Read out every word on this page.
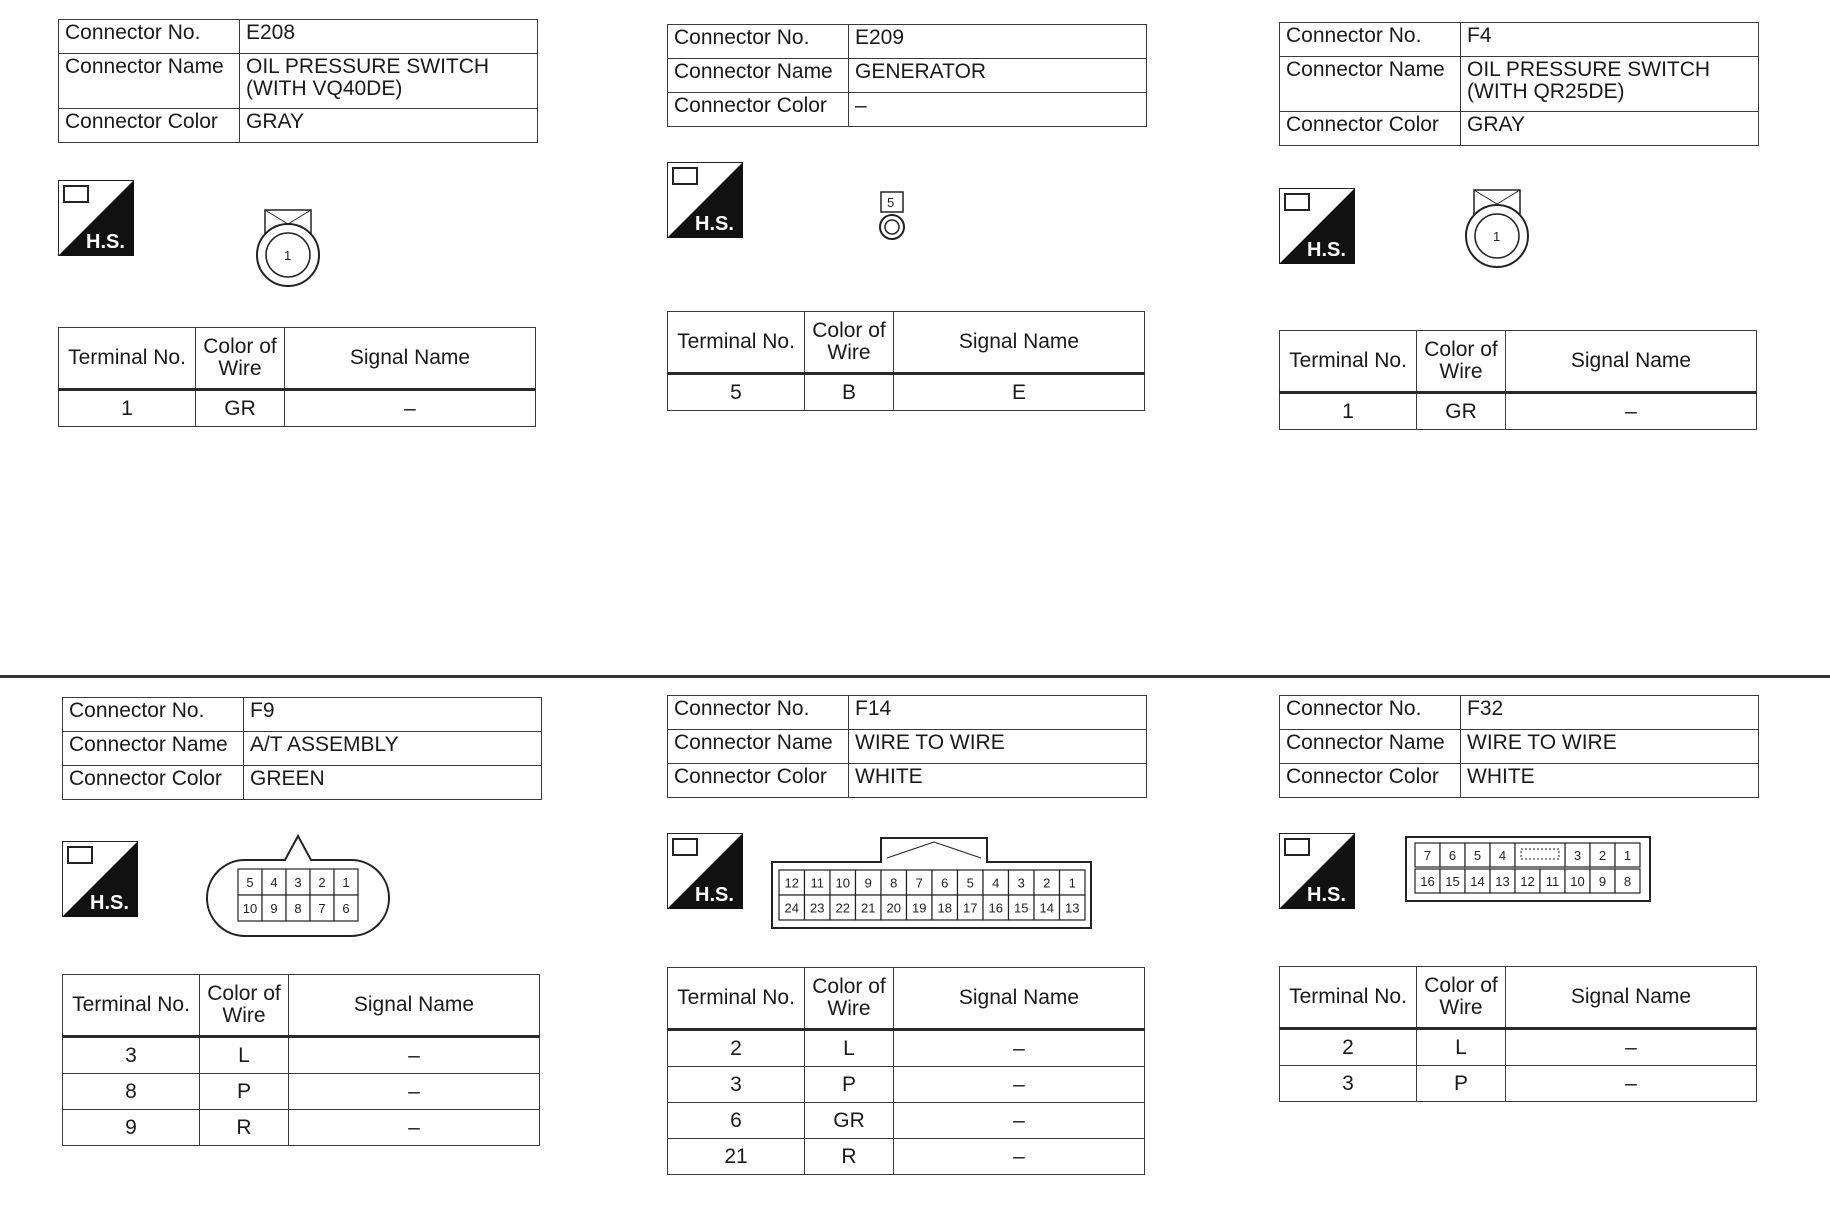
Connector No.	E208
Connector Name	OIL PRESSURE SWITCH (WITH VQ40DE)
Connector Color	GRAY
H.S.
1
Terminal No.	Color of Wire	Signal Name
1	GR	–
Connector No.	E209
Connector Name	GENERATOR
Connector Color	–
H.S.
5
Terminal No.	Color of Wire	Signal Name
5	B	E
Connector No.	F4
Connector Name	OIL PRESSURE SWITCH (WITH QR25DE)
Connector Color	GRAY
H.S.
1
Terminal No.	Color of Wire	Signal Name
1	GR	–
Connector No.	F9
Connector Name	A/T ASSEMBLY
Connector Color	GREEN
H.S.
5 4 3 2 1
10 9 8 7 6
Terminal No.	Color of Wire	Signal Name
3	L	–
8	P	–
9	R	–
Connector No.	F14
Connector Name	WIRE TO WIRE
Connector Color	WHITE
H.S.
12 11 10 9 8 7 6 5 4 3 2 1
24 23 22 21 20 19 18 17 16 15 14 13
Terminal No.	Color of Wire	Signal Name
2	L	–
3	P	–
6	GR	–
21	R	–
Connector No.	F32
Connector Name	WIRE TO WIRE
Connector Color	WHITE
H.S.
7 6 5 4	3 2 1
16 15 14 13 12 11 10 9 8
Terminal No.	Color of Wire	Signal Name
2	L	–
3	P	–
